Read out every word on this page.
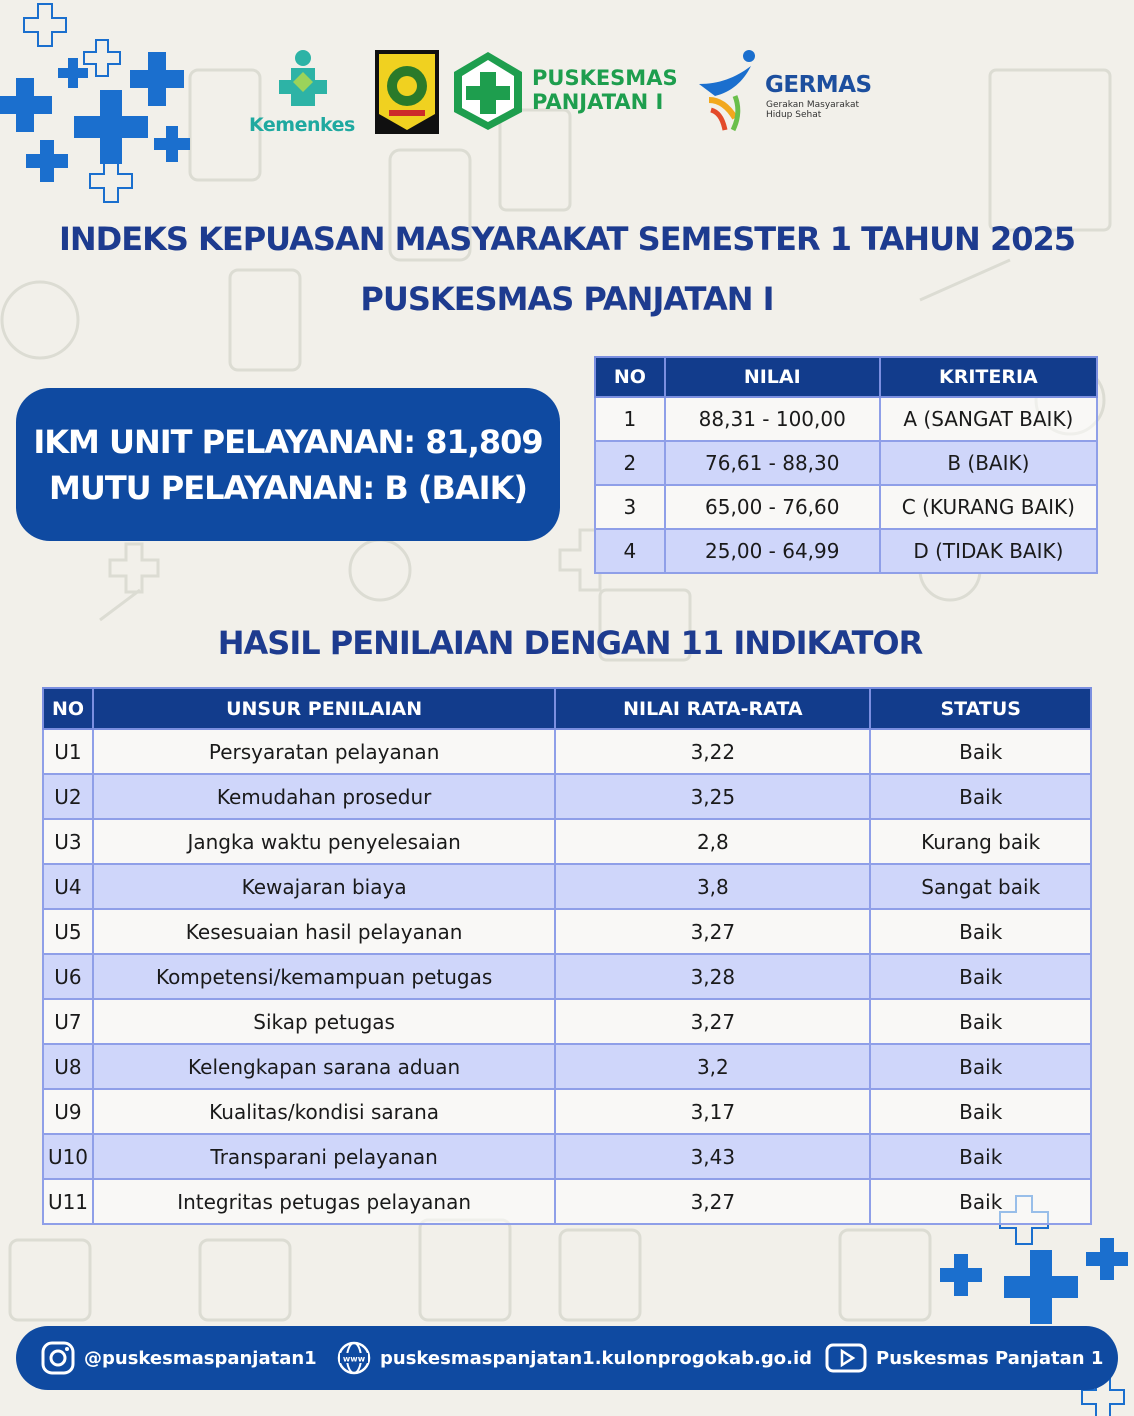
Kemenkes
PUSKESMAS PANJATAN I
GERMAS
Gerakan Masyarakat Hidup Sehat
INDEKS KEPUASAN MASYARAKAT SEMESTER 1 TAHUN 2025
PUSKESMAS PANJATAN I
IKM UNIT PELAYANAN: 81,809
MUTU PELAYANAN: B (BAIK)
NO	NILAI	KRITERIA
1	88,31 - 100,00	A (SANGAT BAIK)
2	76,61 - 88,30	B (BAIK)
3	65,00 - 76,60	C (KURANG BAIK)
4	25,00 - 64,99	D (TIDAK BAIK)
HASIL PENILAIAN DENGAN 11 INDIKATOR
NO	UNSUR PENILAIAN	NILAI RATA-RATA	STATUS
U1	Persyaratan pelayanan	3,22	Baik
U2	Kemudahan prosedur	3,25	Baik
U3	Jangka waktu penyelesaian	2,8	Kurang baik
U4	Kewajaran biaya	3,8	Sangat baik
U5	Kesesuaian hasil pelayanan	3,27	Baik
U6	Kompetensi/kemampuan petugas	3,28	Baik
U7	Sikap petugas	3,27	Baik
U8	Kelengkapan sarana aduan	3,2	Baik
U9	Kualitas/kondisi sarana	3,17	Baik
U10	Transparani pelayanan	3,43	Baik
U11	Integritas petugas pelayanan	3,27	Baik
@puskesmaspanjatan1	www puskesmaspanjatan1.kulonprogokab.go.id	Puskesmas Panjatan 1
